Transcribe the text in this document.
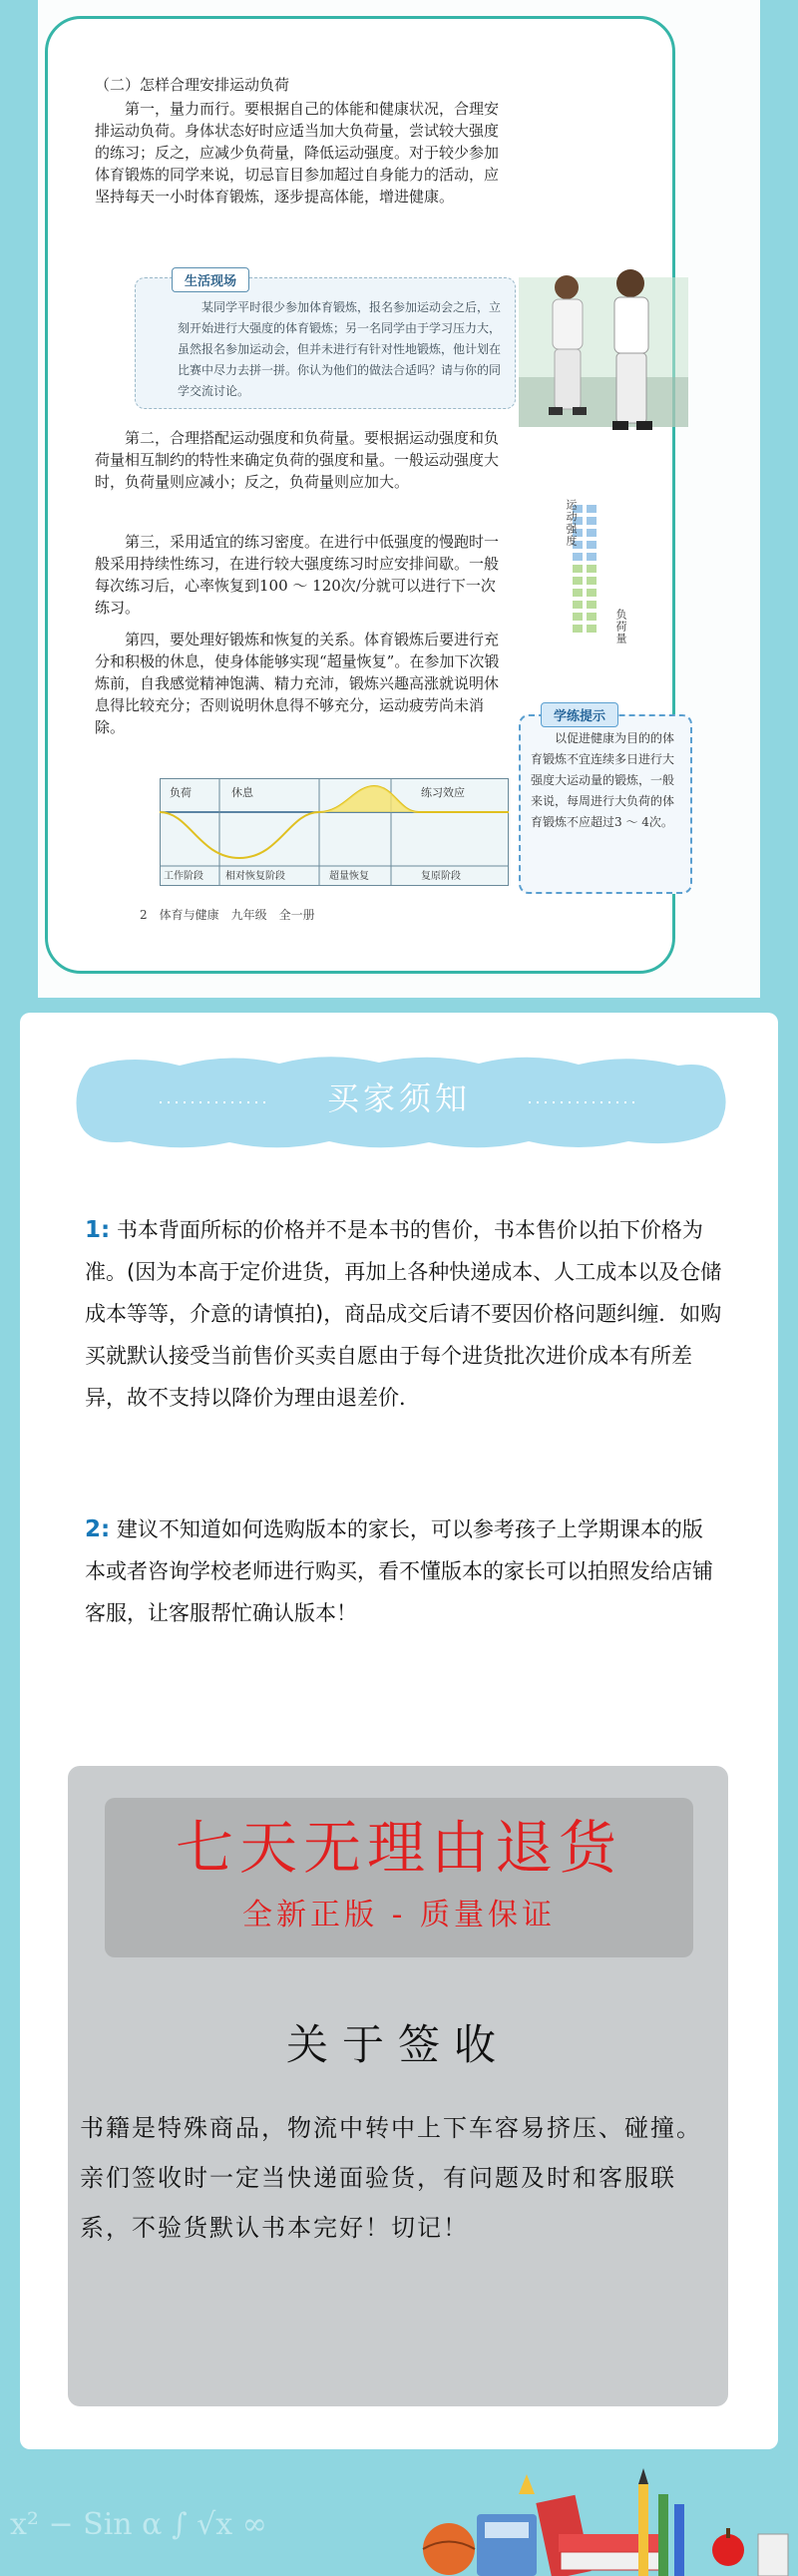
（二）怎样合理安排运动负荷

第一，量力而行。要根据自己的体能和健康状况，合理安排运动负荷。身体状态好时应适当加大负荷量，尝试较大强度的练习；反之，应减少负荷量，降低运动强度。对于较少参加体育锻炼的同学来说，切忌盲目参加超过自身能力的活动，应坚持每天一小时体育锻炼，逐步提高体能，增进健康。

生活现场
某同学平时很少参加体育锻炼，报名参加运动会之后，立刻开始进行大强度的体育锻炼；另一名同学由于学习压力大，虽然报名参加运动会，但并未进行有针对性地锻炼，他计划在比赛中尽力去拼一拼。你认为他们的做法合适吗？请与你的同学交流讨论。
运动强度
负荷量

第二，合理搭配运动强度和负荷量。要根据运动强度和负荷量相互制约的特性来确定负荷的强度和量。一般运动强度大时，负荷量则应减小；反之，负荷量则应加大。

第三，采用适宜的练习密度。在进行中低强度的慢跑时一般采用持续性练习，在进行较大强度练习时应安排间歇。一般每次练习后，心率恢复到100 ～ 120次/分就可以进行下一次练习。

第四，要处理好锻炼和恢复的关系。体育锻炼后要进行充分和积极的休息，使身体能够实现“超量恢复”。在参加下次锻炼前，自我感觉精神饱满、精力充沛，锻炼兴趣高涨就说明休息得比较充分；否则说明休息得不够充分，运动疲劳尚未消除。

学练提示
以促进健康为目的的体育锻炼不宜连续多日进行大强度大运动量的锻炼，一般来说，每周进行大负荷的体育锻炼不应超过3 ～ 4次。
负荷	休息	练习效应
工作阶段 相对恢复阶段	超量恢复	复原阶段
2　体育与健康　九年级　全一册
买家须知

1: 书本背面所标的价格并不是本书的售价，书本售价以拍下价格为准。(因为本高于定价进货，再加上各种快递成本、人工成本以及仓储成本等等，介意的请慎拍)，商品成交后请不要因价格问题纠缠．如购买就默认接受当前售价买卖自愿由于每个进货批次进价成本有所差异，故不支持以降价为理由退差价．

2: 建议不知道如何选购版本的家长，可以参考孩子上学期课本的版本或者咨询学校老师进行购买，看不懂版本的家长可以拍照发给店铺客服，让客服帮忙确认版本！

七天无理由退货
全新正版 - 质量保证
关于签收

书籍是特殊商品，物流中转中上下车容易挤压、碰撞。亲们签收时一定当快递面验货，有问题及时和客服联系，不验货默认书本完好！切记！

x² − Sin α ∫ √x ∞
